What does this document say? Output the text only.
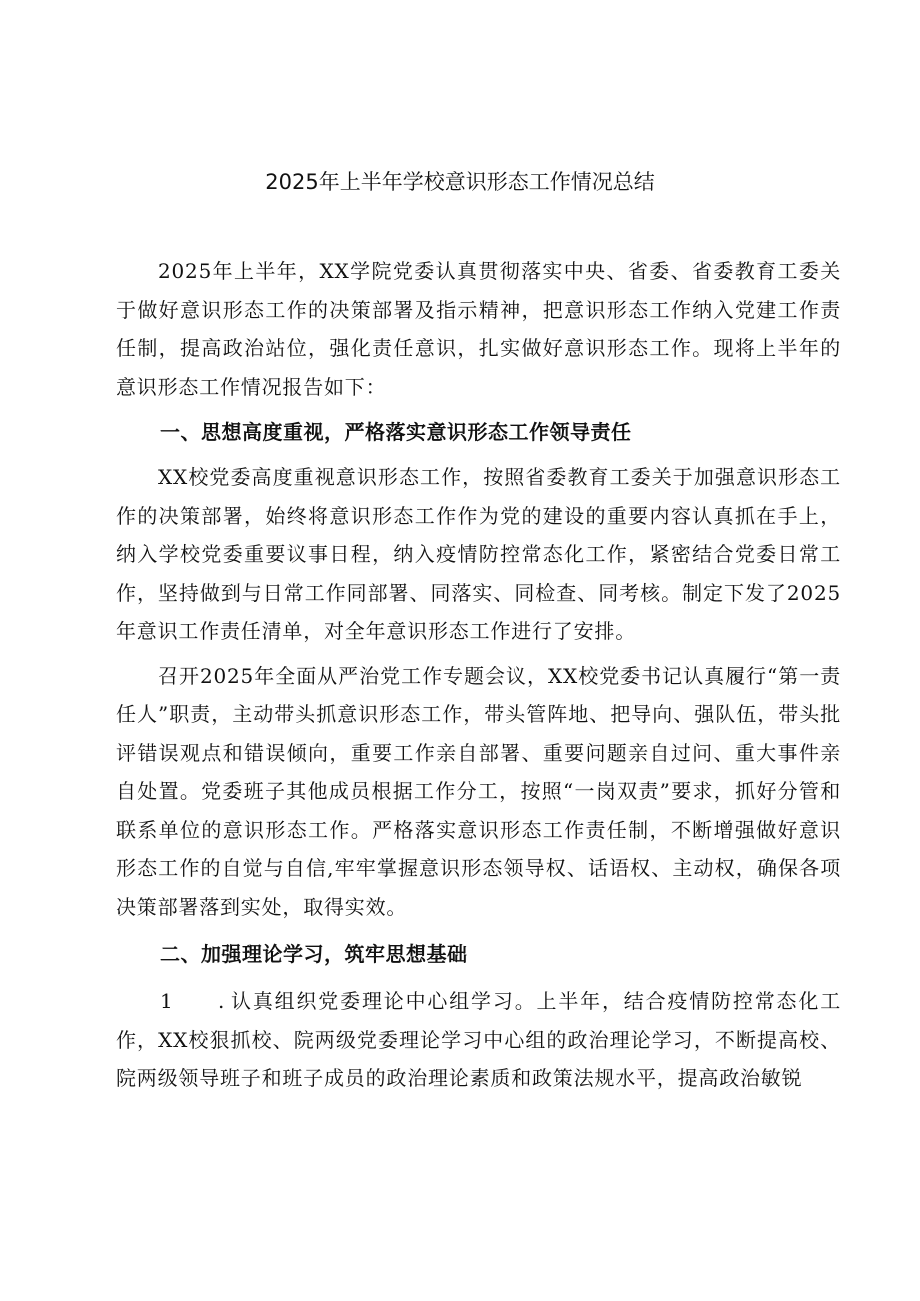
2025年上半年学校意识形态工作情况总结

2025年上半年，XX学院党委认真贯彻落实中央、省委、省委教育工委关于做好意识形态工作的决策部署及指示精神，把意识形态工作纳入党建工作责任制，提高政治站位，强化责任意识，扎实做好意识形态工作。现将上半年的意识形态工作情况报告如下：

一、思想高度重视，严格落实意识形态工作领导责任

XX校党委高度重视意识形态工作，按照省委教育工委关于加强意识形态工作的决策部署，始终将意识形态工作作为党的建设的重要内容认真抓在手上，纳入学校党委重要议事日程，纳入疫情防控常态化工作，紧密结合党委日常工作，坚持做到与日常工作同部署、同落实、同检查、同考核。制定下发了2025年意识工作责任清单，对全年意识形态工作进行了安排。

召开2025年全面从严治党工作专题会议，XX校党委书记认真履行“第一责任人”职责，主动带头抓意识形态工作，带头管阵地、把导向、强队伍，带头批评错误观点和错误倾向，重要工作亲自部署、重要问题亲自过问、重大事件亲自处置。党委班子其他成员根据工作分工，按照“一岗双责”要求，抓好分管和联系单位的意识形态工作。严格落实意识形态工作责任制，不断增强做好意识形态工作的自觉与自信,牢牢掌握意识形态领导权、话语权、主动权，确保各项决策部署落到实处，取得实效。

二、加强理论学习，筑牢思想基础

1 . 认真组织党委理论中心组学习。上半年，结合疫情防控常态化工作，XX校狠抓校、院两级党委理论学习中心组的政治理论学习，不断提高校、院两级领导班子和班子成员的政治理论素质和政策法规水平，提高政治敏锐
